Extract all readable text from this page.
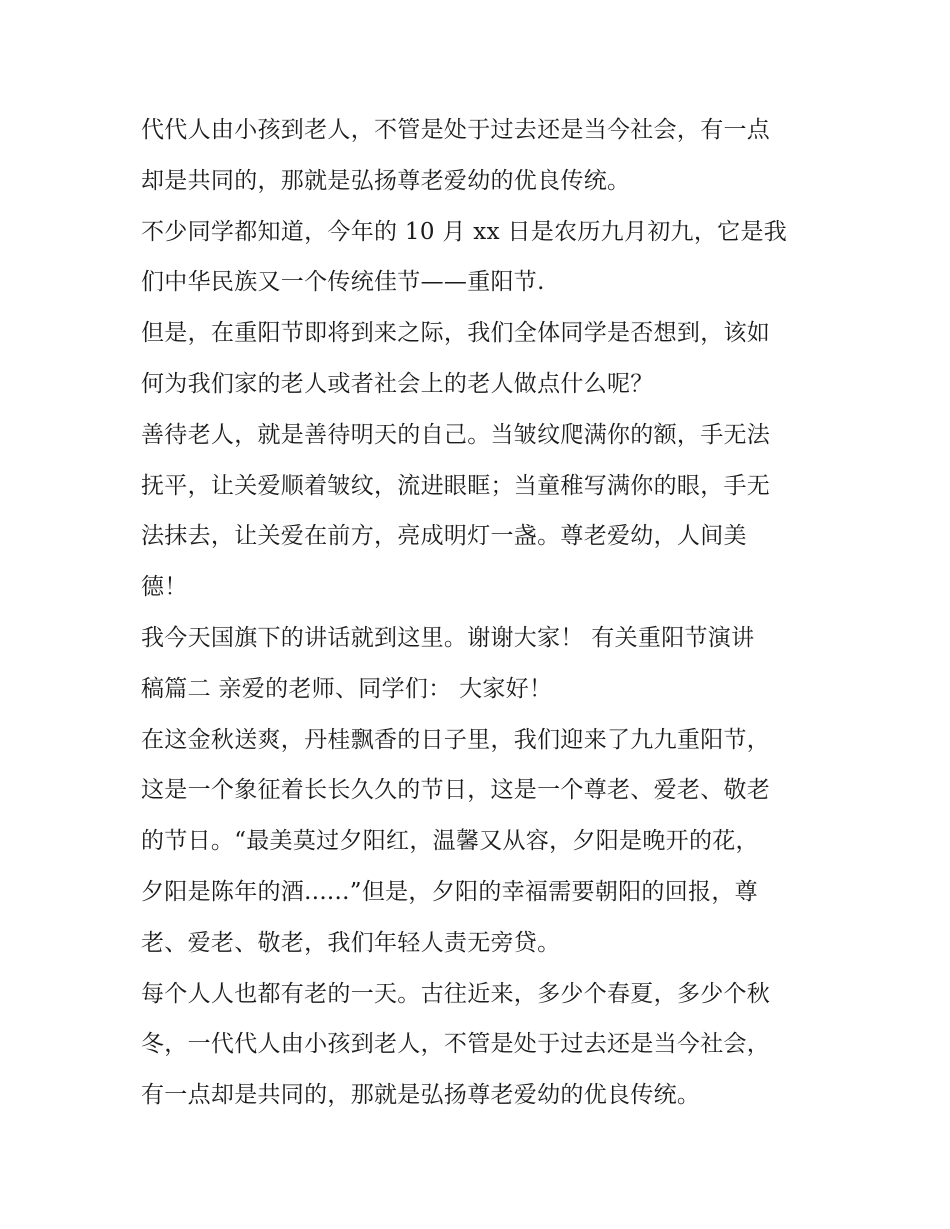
代代人由小孩到老人，不管是处于过去还是当今社会，有一点
却是共同的，那就是弘扬尊老爱幼的优良传统。
不少同学都知道，今年的 10 月 xx 日是农历九月初九，它是我
们中华民族又一个传统佳节——重阳节.
但是，在重阳节即将到来之际，我们全体同学是否想到，该如
何为我们家的老人或者社会上的老人做点什么呢？
善待老人，就是善待明天的自己。当皱纹爬满你的额，手无法
抚平，让关爱顺着皱纹，流进眼眶；当童稚写满你的眼，手无
法抹去，让关爱在前方，亮成明灯一盏。尊老爱幼，人间美
德！
我今天国旗下的讲话就到这里。谢谢大家！ 有关重阳节演讲
稿篇二 亲爱的老师、同学们： 大家好！
在这金秋送爽，丹桂飘香的日子里，我们迎来了九九重阳节，
这是一个象征着长长久久的节日，这是一个尊老、爱老、敬老
的节日。“最美莫过夕阳红，温馨又从容，夕阳是晚开的花，
夕阳是陈年的酒......”但是，夕阳的幸福需要朝阳的回报，尊
老、爱老、敬老，我们年轻人责无旁贷。
每个人人也都有老的一天。古往近来，多少个春夏，多少个秋
冬，一代代人由小孩到老人，不管是处于过去还是当今社会，
有一点却是共同的，那就是弘扬尊老爱幼的优良传统。
